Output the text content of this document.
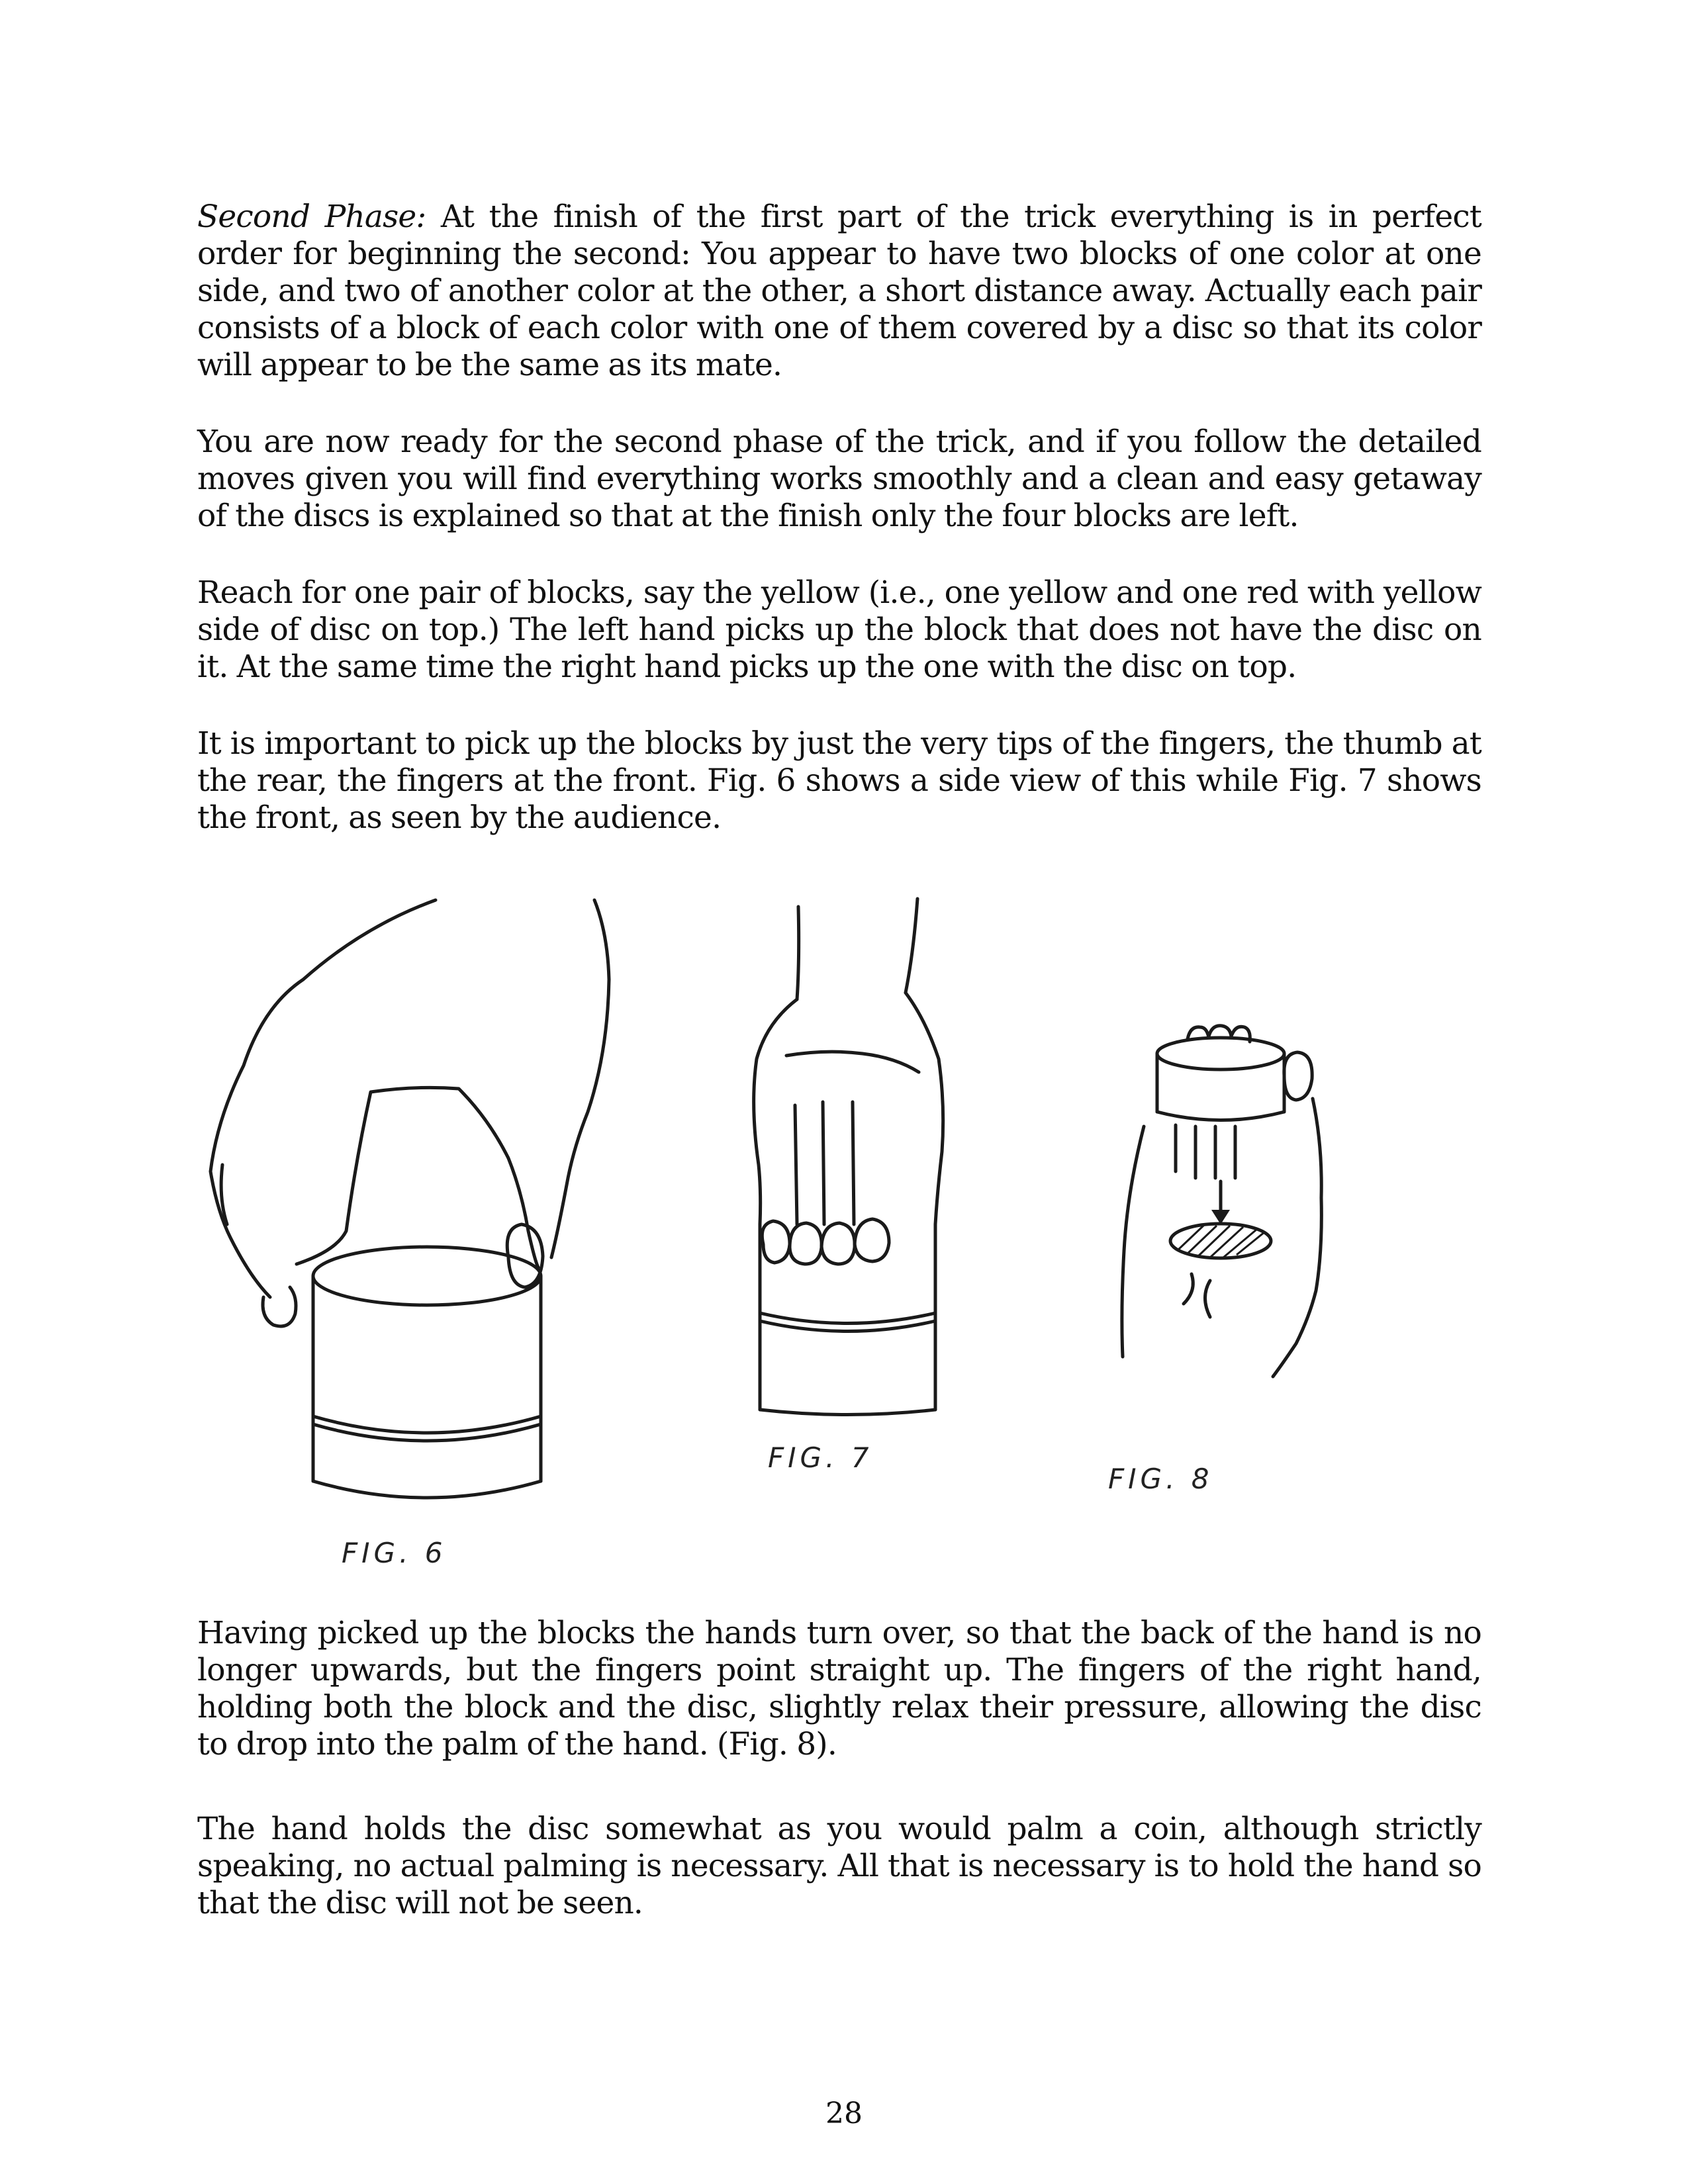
Second Phase: At the finish of the first part of the trick everything is in perfect order for beginning the second: You appear to have two blocks of one color at one side, and two of another color at the other, a short distance away. Actually each pair consists of a block of each color with one of them covered by a disc so that its color will appear to be the same as its mate.

You are now ready for the second phase of the trick, and if you follow the detailed moves given you will find everything works smoothly and a clean and easy getaway of the discs is explained so that at the finish only the four blocks are left.

Reach for one pair of blocks, say the yellow (i.e., one yellow and one red with yellow side of disc on top.) The left hand picks up the block that does not have the disc on it. At the same time the right hand picks up the one with the disc on top.

It is important to pick up the blocks by just the very tips of the fingers, the thumb at the rear, the fingers at the front. Fig. 6 shows a side view of this while Fig. 7 shows the front, as seen by the audience.

FIG. 6
FIG. 7
FIG. 8

Having picked up the blocks the hands turn over, so that the back of the hand is no longer upwards, but the fingers point straight up. The fingers of the right hand, holding both the block and the disc, slightly relax their pressure, allowing the disc to drop into the palm of the hand. (Fig. 8).

The hand holds the disc somewhat as you would palm a coin, although strictly speaking, no actual palming is necessary. All that is necessary is to hold the hand so that the disc will not be seen.

28
